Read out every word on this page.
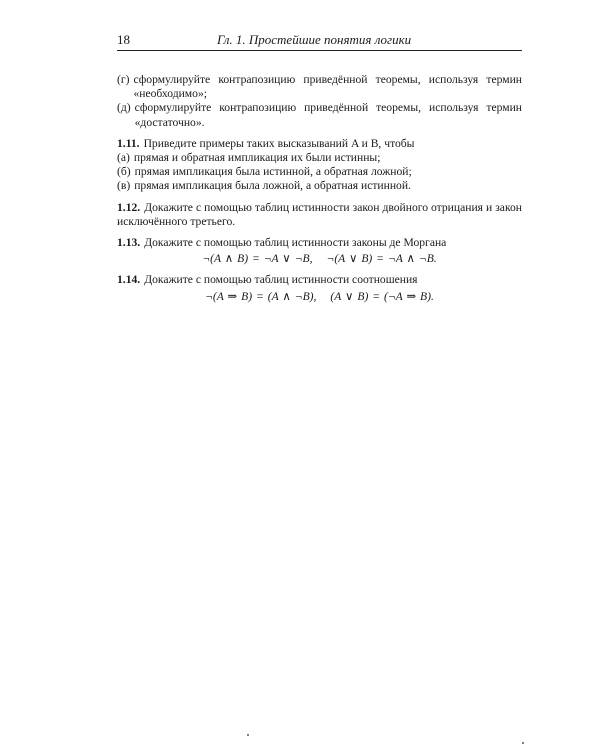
18	Гл. 1. Простейшие понятия логики
(г) сформулируйте контрапозицию приведённой теоремы, используя термин «необходимо»;
(д) сформулируйте контрапозицию приведённой теоремы, используя термин «достаточно».
1.11. Приведите примеры таких высказываний A и B, чтобы
(а) прямая и обратная импликация их были истинны;
(б) прямая импликация была истинной, а обратная ложной;
(в) прямая импликация была ложной, а обратная истинной.
1.12. Докажите с помощью таблиц истинности закон двойного отрицания и закон исключённого третьего.
1.13. Докажите с помощью таблиц истинности законы де Моргана
¬(A ∧ B) = ¬A ∨ ¬B, ¬(A ∨ B) = ¬A ∧ ¬B.
1.14. Докажите с помощью таблиц истинности соотношения
¬(A ⇒ B) = (A ∧ ¬B), (A ∨ B) = (¬A ⇒ B).
